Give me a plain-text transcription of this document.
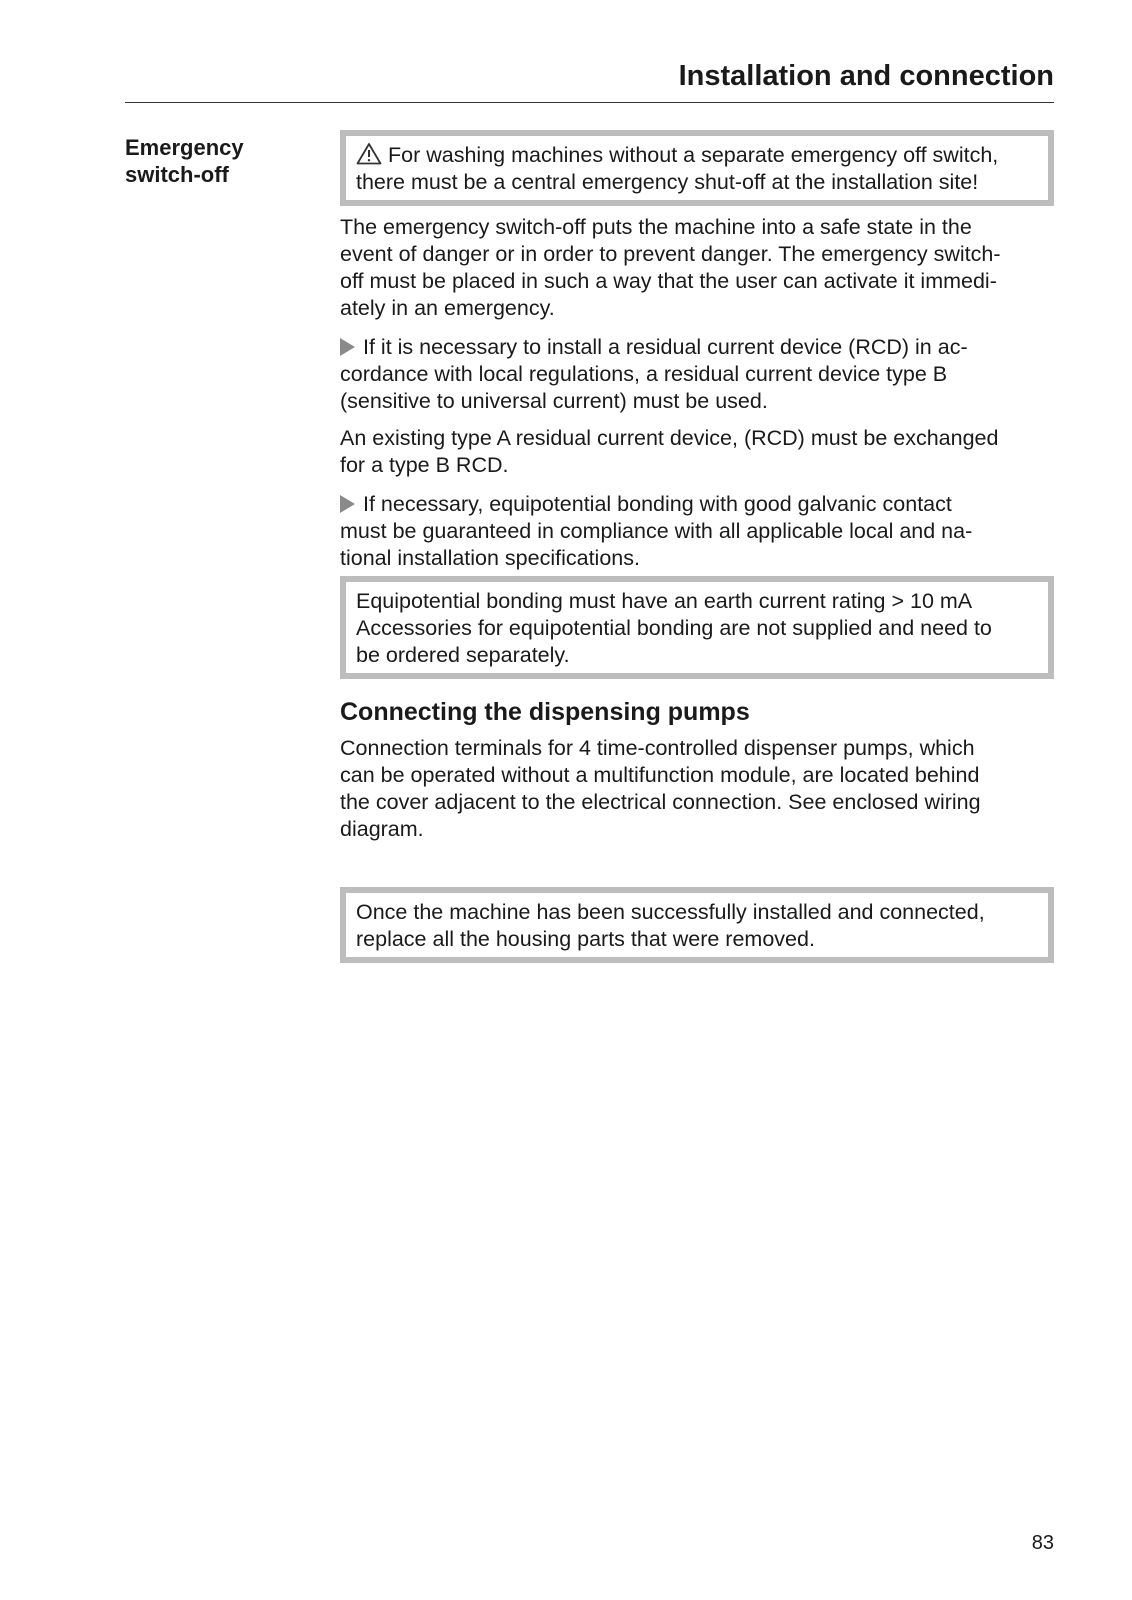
Installation and connection
Emergency
switch-off

For washing machines without a separate emergency off switch,

there must be a central emergency shut-off at the installation site!

The emergency switch-off puts the machine into a safe state in the
event of danger or in order to prevent danger. The emergency switch-
off must be placed in such a way that the user can activate it immedi-
ately in an emergency.
If it is necessary to install a residual current device (RCD) in ac-
cordance with local regulations, a residual current device type B
(sensitive to universal current) must be used.
An existing type A residual current device, (RCD) must be exchanged
for a type B RCD.
If necessary, equipotential bonding with good galvanic contact
must be guaranteed in compliance with all applicable local and na-
tional installation specifications.

Equipotential bonding must have an earth current rating > 10 mA

Accessories for equipotential bonding are not supplied and need to

be ordered separately.

Connecting the dispensing pumps
Connection terminals for 4 time-controlled dispenser pumps, which
can be operated without a multifunction module, are located behind
the cover adjacent to the electrical connection. See enclosed wiring
diagram.

Once the machine has been successfully installed and connected,

replace all the housing parts that were removed.

83
